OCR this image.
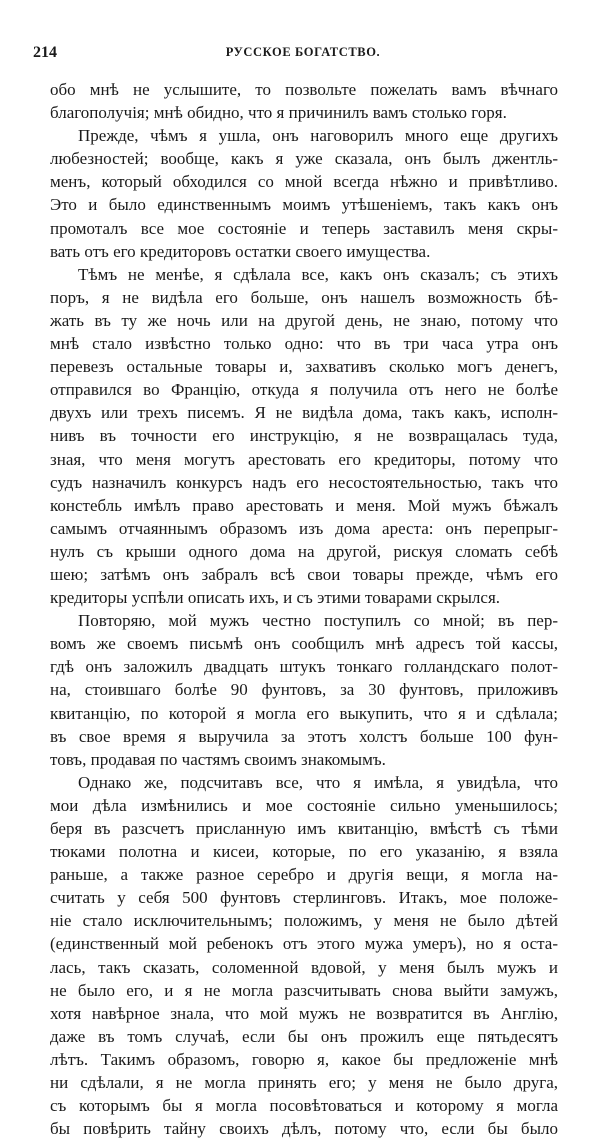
214	РУССКОЕ БОГАТСТВО.
обо мнѣ не услышите, то позвольте пожелать вамъ вѣчнаго
благополучія; мнѣ обидно, что я причинилъ вамъ столько горя.
Прежде, чѣмъ я ушла, онъ наговорилъ много еще другихъ
любезностей; вообще, какъ я уже сказала, онъ былъ джентль-
менъ, который обходился со мной всегда нѣжно и привѣтливо.
Это и было единственнымъ моимъ утѣшеніемъ, такъ какъ онъ
промоталъ все мое состояніе и теперь заставилъ меня скры-
вать отъ его кредиторовъ остатки своего имущества.
Тѣмъ не менѣе, я сдѣлала все, какъ онъ сказалъ; съ этихъ
поръ, я не видѣла его больше, онъ нашелъ возможность бѣ-
жать въ ту же ночь или на другой день, не знаю, потому что
мнѣ стало извѣстно только одно: что въ три часа утра онъ
перевезъ остальные товары и, захвативъ сколько могъ денегъ,
отправился во Францію, откуда я получила отъ него не болѣе
двухъ или трехъ писемъ. Я не видѣла дома, такъ какъ, исполн-
нивъ въ точности его инструкцію, я не возвращалась туда,
зная, что меня могутъ арестовать его кредиторы, потому что
судъ назначилъ конкурсъ надъ его несостоятельностью, такъ что
констебль имѣлъ право арестовать и меня. Мой мужъ бѣжалъ
самымъ отчаяннымъ образомъ изъ дома ареста: онъ перепрыг-
нулъ съ крыши одного дома на другой, рискуя сломать себѣ
шею; затѣмъ онъ забралъ всѣ свои товары прежде, чѣмъ его
кредиторы успѣли описать ихъ, и съ этими товарами скрылся.
Повторяю, мой мужъ честно поступилъ со мной; въ пер-
вомъ же своемъ письмѣ онъ сообщилъ мнѣ адресъ той кассы,
гдѣ онъ заложилъ двадцать штукъ тонкаго голландскаго полот-
на, стоившаго болѣе 90 фунтовъ, за 30 фунтовъ, приложивъ
квитанцію, по которой я могла его выкупить, что я и сдѣлала;
въ свое время я выручила за этотъ холстъ больше 100 фун-
товъ, продавая по частямъ своимъ знакомымъ.
Однако же, подсчитавъ все, что я имѣла, я увидѣла, что
мои дѣла измѣнились и мое состояніе сильно уменьшилось;
беря въ разсчетъ присланную имъ квитанцію, вмѣстѣ съ тѣми
тюками полотна и кисеи, которые, по его указанію, я взяла
раньше, а также разное серебро и другія вещи, я могла на-
считать у себя 500 фунтовъ стерлинговъ. Итакъ, мое положе-
ніе стало исключительнымъ; положимъ, у меня не было дѣтей
(единственный мой ребенокъ отъ этого мужа умеръ), но я оста-
лась, такъ сказать, соломенной вдовой, у меня былъ мужъ и
не было его, и я не могла разсчитывать снова выйти замужъ,
хотя навѣрное знала, что мой мужъ не возвратится въ Англію,
даже въ томъ случаѣ, если бы онъ прожилъ еще пятьдесятъ
лѣтъ. Такимъ образомъ, говорю я, какое бы предложеніе мнѣ
ни сдѣлали, я не могла принять его; у меня не было друга,
съ которымъ бы я могла посовѣтоваться и которому я могла
бы повѣрить тайну своихъ дѣлъ, потому что, если бы было
